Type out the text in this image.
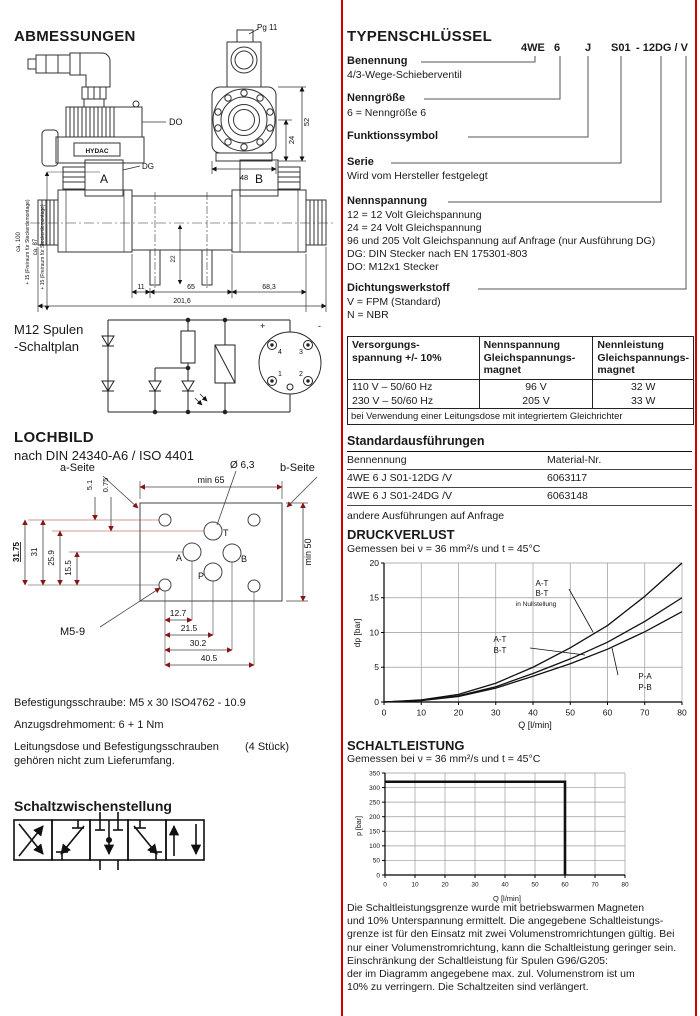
ABMESSUNGEN
DO
HYDAC
Pg 11
48
24
52
A	B
DG
11	65	68,3
201,6
22
ca. 100 + 15 (Freiraum für Steckerdemontage) ca. 87 + 15 (Freiraum für Steckerdemontage)
M12 Spulen
-Schaltplan
+	-
4 3
1 2
LOCHBILD
nach DIN 24340-A6 / ISO 4401
a-Seite	b-Seite
Ø 6,3
min 65
min 50
M5-9
T
A	B
P
31.75 31 25.9
15.5
5.1 0.75
12.7
21.5
30.2
40.5
Befestigungsschraube: M5 x 30 ISO4762 - 10.9
Anzugsdrehmoment: 6 + 1 Nm
Leitungsdose und Befestigungsschrauben (4 Stück)
gehören nicht zum Lieferumfang.
Schaltzwischenstellung
TYPENSCHLÜSSEL
4WE 6 J S01 - 12DG / V
Benennung
4/3-Wege-Schieberventil
Nenngröße
6 = Nenngröße 6
Funktionssymbol
Serie
Wird vom Hersteller festgelegt
Nennspannung
12 = 12 Volt Gleichspannung
24 = 24 Volt Gleichspannung
96 und 205 Volt Gleichspannung auf Anfrage (nur Ausführung DG)
DG: DIN Stecker nach EN 175301-803
DO: M12x1 Stecker
Dichtungswerkstoff
V = FPM (Standard)
N = NBR
Versorgungs-
spannung +/- 10%

Nennspannung
Gleichspannungs-
magnet

Nennleistung
Gleichspannungs-
magnet

110 V – 50/60 Hz	96 V	32 W
230 V – 50/60 Hz	205 V	33 W
bei Verwendung einer Leitungsdose mit integriertem Gleichrichter		
Standardausführungen
Bennennung	Material-Nr.
4WE 6 J S01-12DG /V	6063117
4WE 6 J S01-24DG /V	6063148
andere Ausführungen auf Anfrage
DRUCKVERLUST
Gemessen bei ν = 36 mm²/s und t = 45°C
0	10	20	30	40	50	60	70	80
0
5
10
15
20
dp [bar]
Q [l/min]
A-T
B-T
in Nullstellung
A-T
B-T
P-A
P-B
SCHALTLEISTUNG
Gemessen bei ν = 36 mm²/s und t = 45°C
0	10	20	30	40	50	60	70	80
0
50
100
150
200
250
300
350
p [bar]
Q [l/min]
Die Schaltleistungsgrenze wurde mit betriebswarmen Magneten
und 10% Unterspannung ermittelt. Die angegebene Schaltleistungs-
grenze ist für den Einsatz mit zwei Volumenstromrichtungen gültig. Bei
nur einer Volumenstromrichtung, kann die Schaltleistung geringer sein.
Einschränkung der Schaltleistung für Spulen G96/G205:
der im Diagramm angegebene max. zul. Volumenstrom ist um
10% zu verringern. Die Schaltzeiten sind verlängert.
